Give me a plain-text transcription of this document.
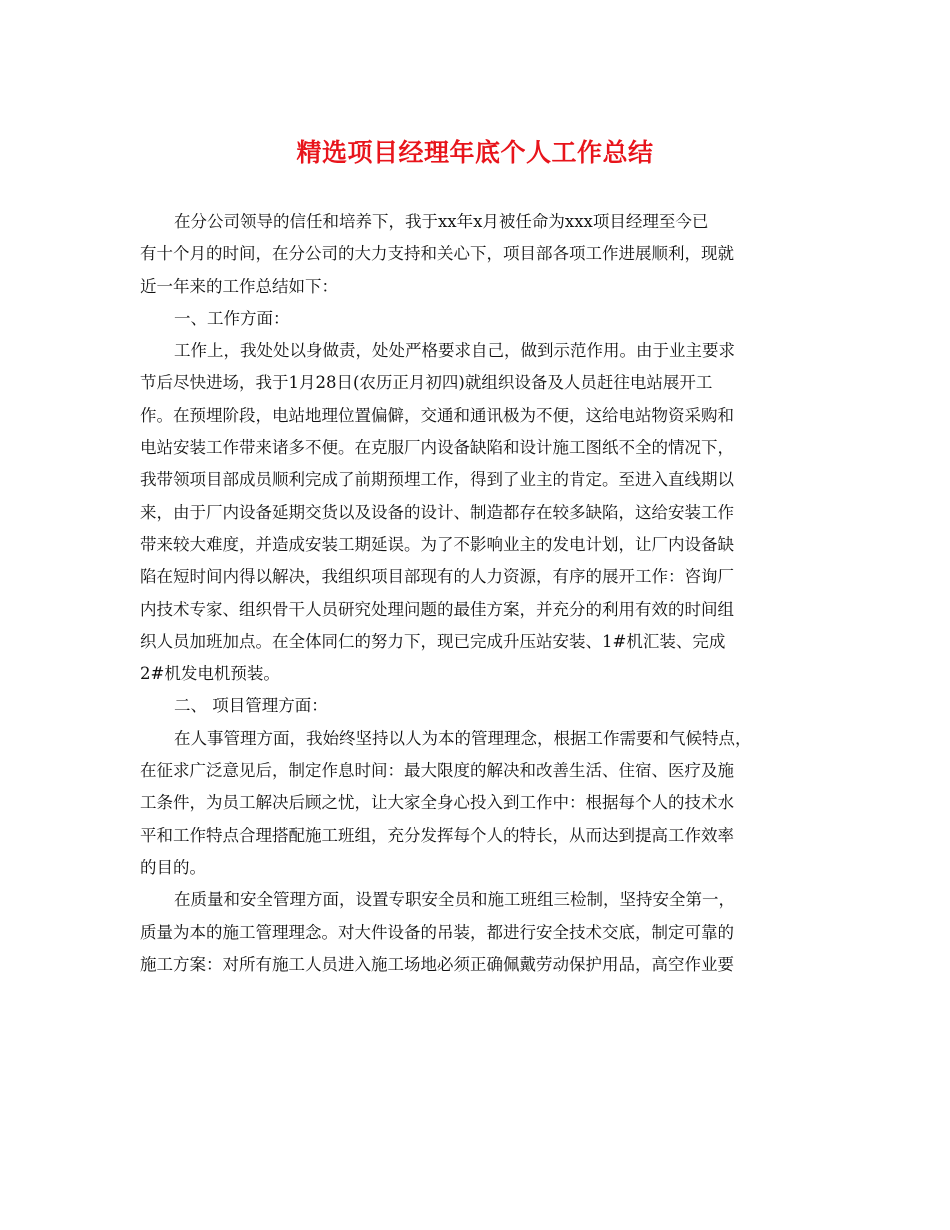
精选项目经理年底个人工作总结
在分公司领导的信任和培养下，我于xx年x月被任命为xxx项目经理至今已
有十个月的时间，在分公司的大力支持和关心下，项目部各项工作进展顺利，现就
近一年来的工作总结如下：
一、工作方面：
工作上，我处处以身做责，处处严格要求自己，做到示范作用。由于业主要求
节后尽快进场，我于1月28日(农历正月初四)就组织设备及人员赶往电站展开工
作。在预埋阶段，电站地理位置偏僻，交通和通讯极为不便，这给电站物资采购和
电站安装工作带来诸多不便。在克服厂内设备缺陷和设计施工图纸不全的情况下，
我带领项目部成员顺利完成了前期预埋工作，得到了业主的肯定。至进入直线期以
来，由于厂内设备延期交货以及设备的设计、制造都存在较多缺陷，这给安装工作
带来较大难度，并造成安装工期延误。为了不影响业主的发电计划，让厂内设备缺
陷在短时间内得以解决，我组织项目部现有的人力资源，有序的展开工作：咨询厂
内技术专家、组织骨干人员研究处理问题的最佳方案，并充分的利用有效的时间组
织人员加班加点。在全体同仁的努力下，现已完成升压站安装、1#机汇装、完成
2#机发电机预装。
二、 项目管理方面：
在人事管理方面，我始终坚持以人为本的管理理念，根据工作需要和气候特点，
在征求广泛意见后，制定作息时间：最大限度的解决和改善生活、住宿、医疗及施
工条件，为员工解决后顾之忧，让大家全身心投入到工作中：根据每个人的技术水
平和工作特点合理搭配施工班组，充分发挥每个人的特长，从而达到提高工作效率
的目的。
在质量和安全管理方面，设置专职安全员和施工班组三检制，坚持安全第一，
质量为本的施工管理理念。对大件设备的吊装，都进行安全技术交底，制定可靠的
施工方案：对所有施工人员进入施工场地必须正确佩戴劳动保护用品，高空作业要
